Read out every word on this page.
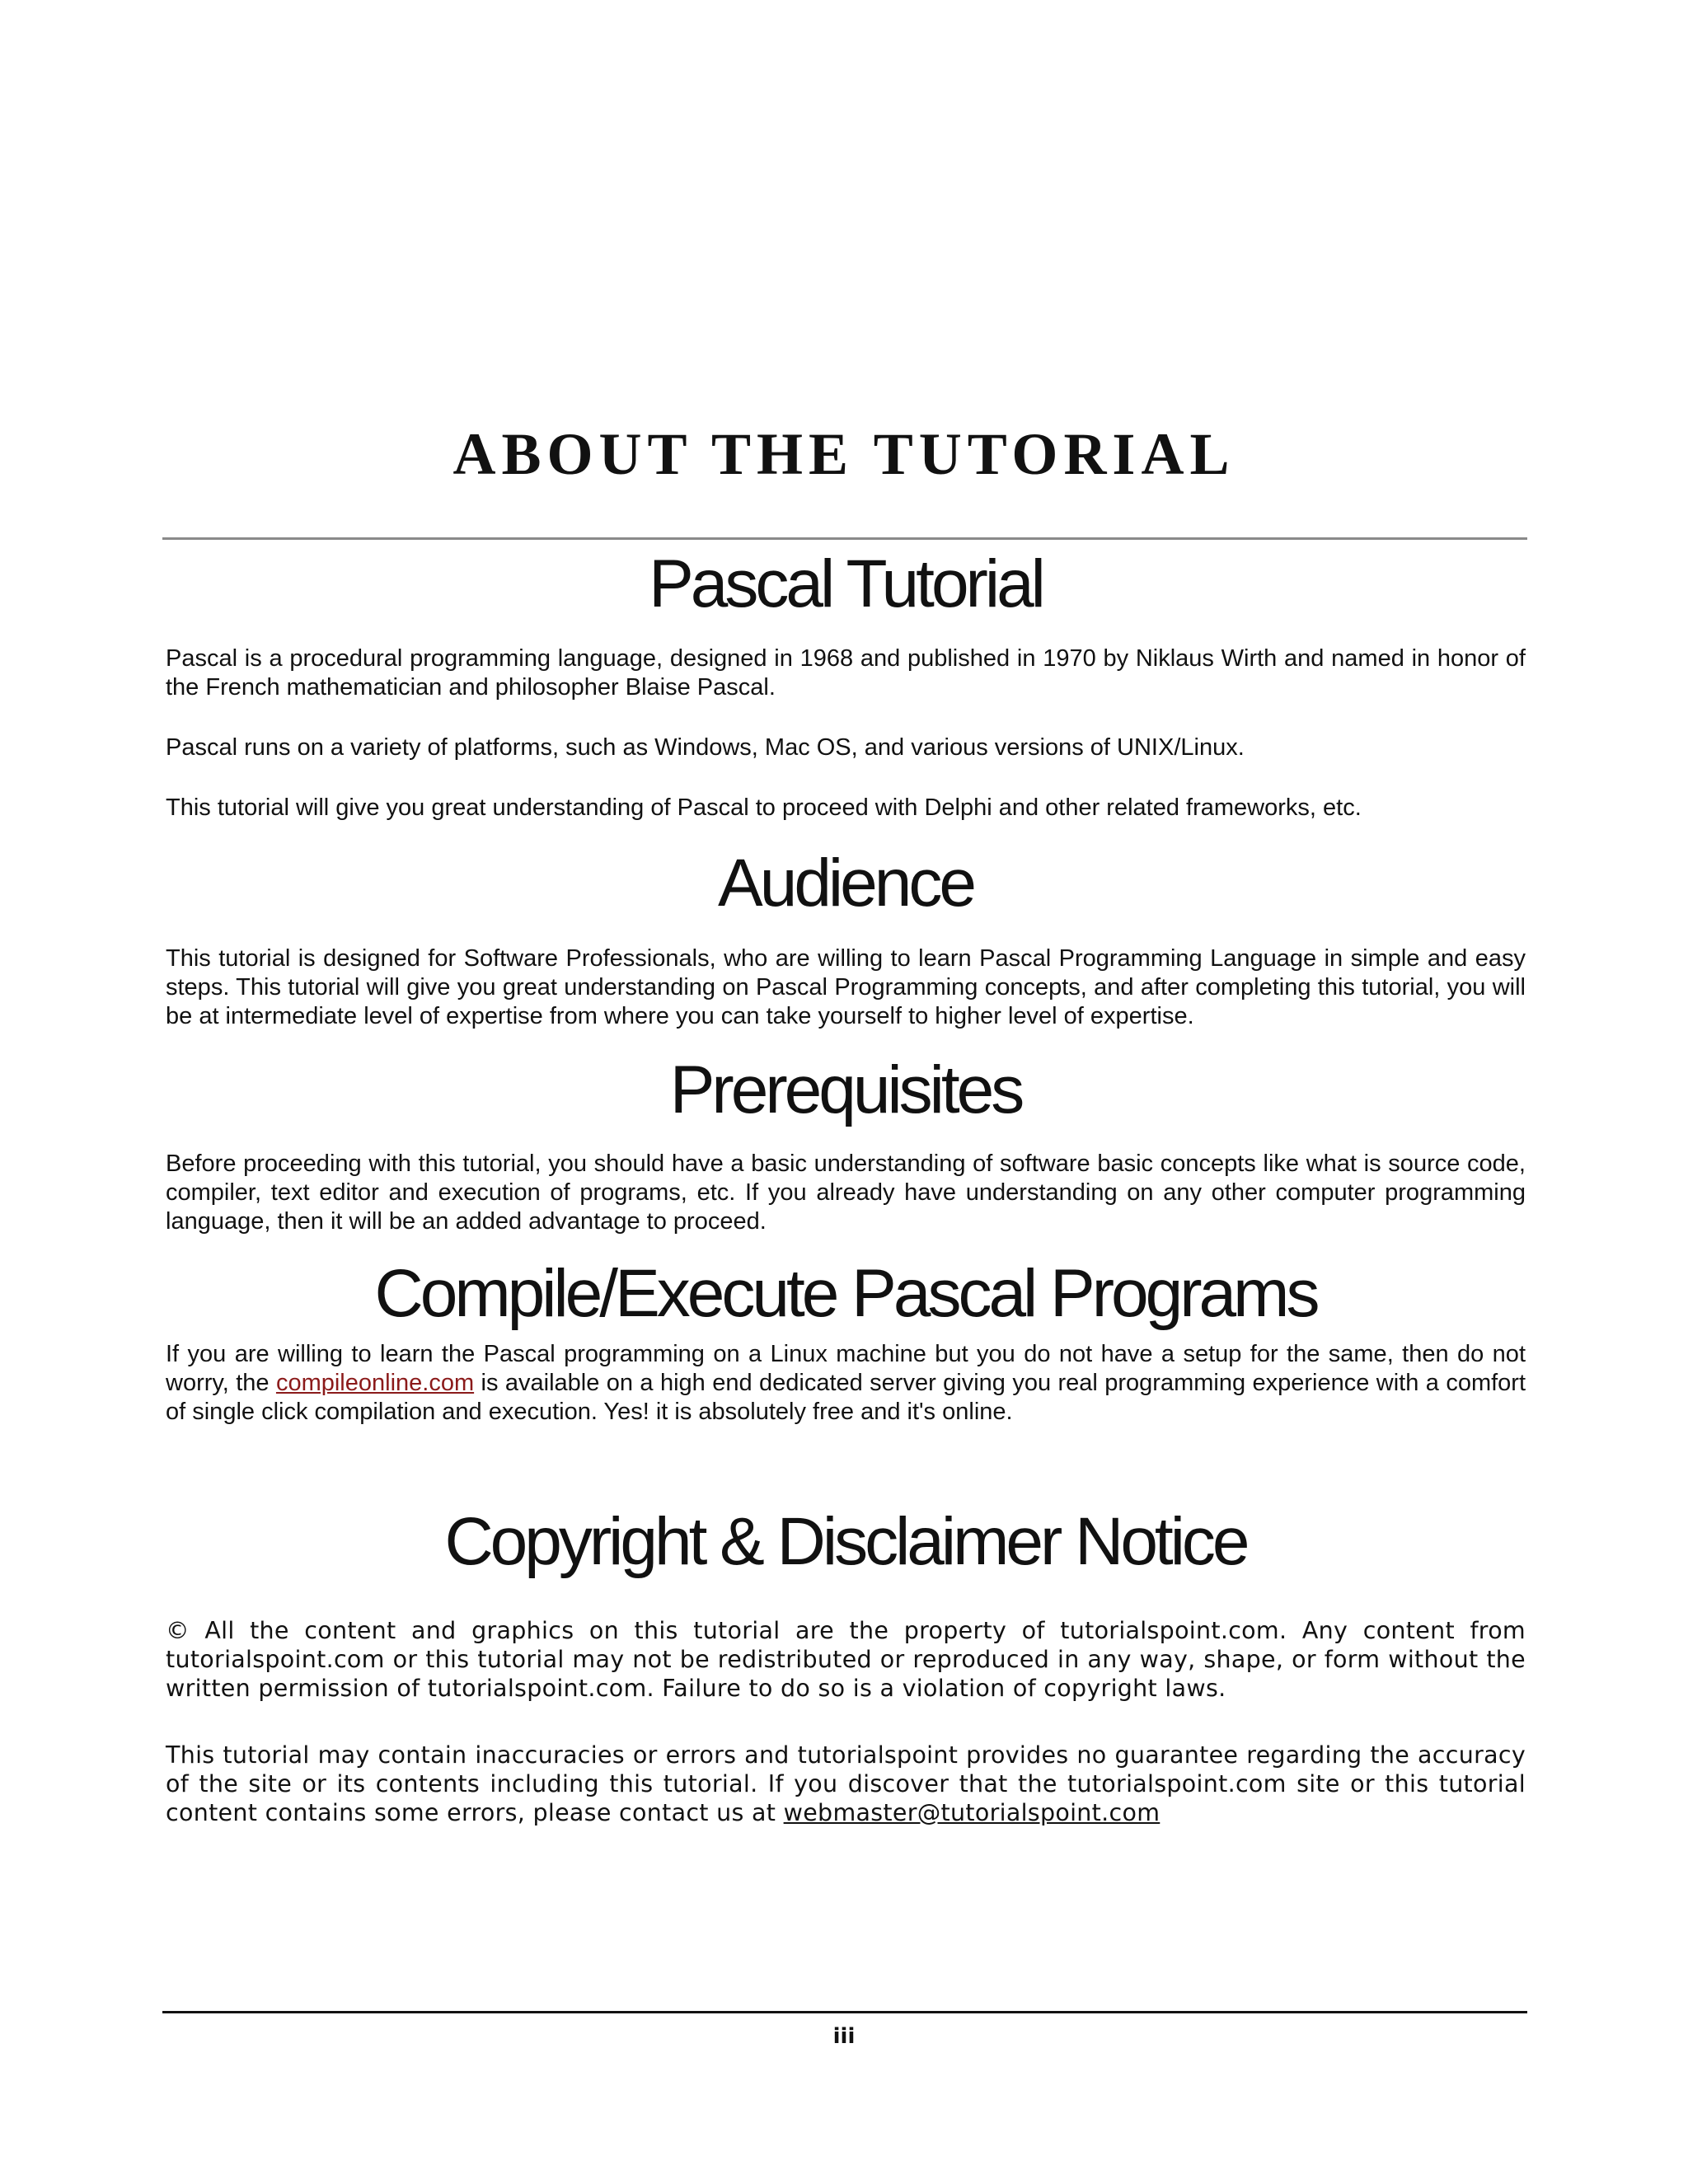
ABOUT THE TUTORIAL
Pascal Tutorial

Pascal is a procedural programming language, designed in 1968 and published in 1970 by Niklaus Wirth and named in honor of the French mathematician and philosopher Blaise Pascal.

Pascal runs on a variety of platforms, such as Windows, Mac OS, and various versions of UNIX/Linux.

This tutorial will give you great understanding of Pascal to proceed with Delphi and other related frameworks, etc.

Audience

This tutorial is designed for Software Professionals, who are willing to learn Pascal Programming Language in simple and easy steps. This tutorial will give you great understanding on Pascal Programming concepts, and after completing this tutorial, you will be at intermediate level of expertise from where you can take yourself to higher level of expertise.

Prerequisites

Before proceeding with this tutorial, you should have a basic understanding of software basic concepts like what is source code, compiler, text editor and execution of programs, etc. If you already have understanding on any other computer programming language, then it will be an added advantage to proceed.

Compile/Execute Pascal Programs

If you are willing to learn the Pascal programming on a Linux machine but you do not have a setup for the same, then do not worry, the compileonline.com is available on a high end dedicated server giving you real programming experience with a comfort of single click compilation and execution. Yes! it is absolutely free and it's online.

Copyright & Disclaimer Notice

© All the content and graphics on this tutorial are the property of tutorialspoint.com. Any content from tutorialspoint.com or this tutorial may not be redistributed or reproduced in any way, shape, or form without the written permission of tutorialspoint.com. Failure to do so is a violation of copyright laws.

This tutorial may contain inaccuracies or errors and tutorialspoint provides no guarantee regarding the accuracy of the site or its contents including this tutorial. If you discover that the tutorialspoint.com site or this tutorial content contains some errors, please contact us at webmaster@tutorialspoint.com

iii
